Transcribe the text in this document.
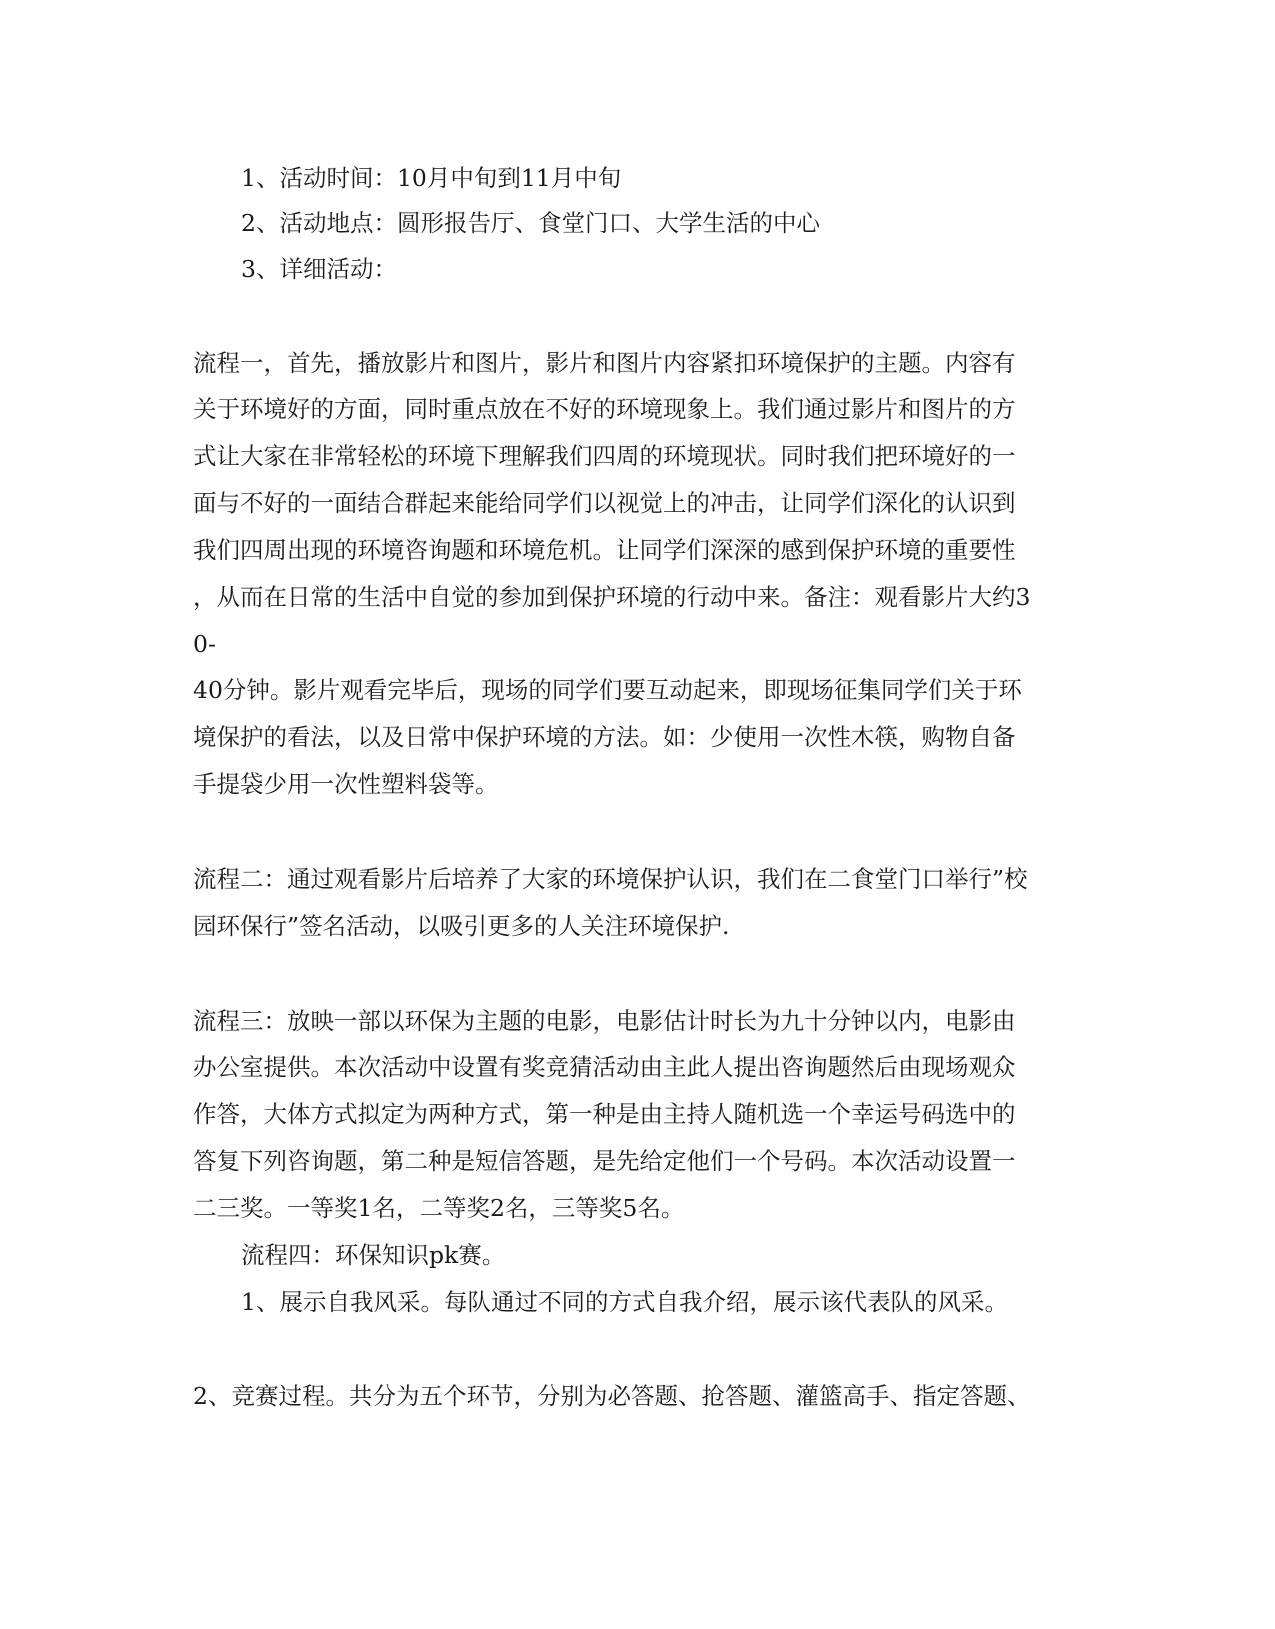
1、活动时间：10月中旬到11月中旬

2、活动地点：圆形报告厅、食堂门口、大学生活的中心

3、详细活动：

流程一，首先，播放影片和图片，影片和图片内容紧扣环境保护的主题。内容有

关于环境好的方面，同时重点放在不好的环境现象上。我们通过影片和图片的方

式让大家在非常轻松的环境下理解我们四周的环境现状。同时我们把环境好的一

面与不好的一面结合群起来能给同学们以视觉上的冲击，让同学们深化的认识到

我们四周出现的环境咨询题和环境危机。让同学们深深的感到保护环境的重要性

，从而在日常的生活中自觉的参加到保护环境的行动中来。备注：观看影片大约3

0-

40分钟。影片观看完毕后，现场的同学们要互动起来，即现场征集同学们关于环

境保护的看法，以及日常中保护环境的方法。如：少使用一次性木筷，购物自备

手提袋少用一次性塑料袋等。

流程二：通过观看影片后培养了大家的环境保护认识，我们在二食堂门口举行”校

园环保行”签名活动，以吸引更多的人关注环境保护.

流程三：放映一部以环保为主题的电影，电影估计时长为九十分钟以内，电影由

办公室提供。本次活动中设置有奖竞猜活动由主此人提出咨询题然后由现场观众

作答，大体方式拟定为两种方式，第一种是由主持人随机选一个幸运号码选中的

答复下列咨询题，第二种是短信答题，是先给定他们一个号码。本次活动设置一

二三奖。一等奖1名，二等奖2名，三等奖5名。

流程四：环保知识pk赛。

1、展示自我风采。每队通过不同的方式自我介绍，展示该代表队的风采。

2、竞赛过程。共分为五个环节，分别为必答题、抢答题、灌篮高手、指定答题、
